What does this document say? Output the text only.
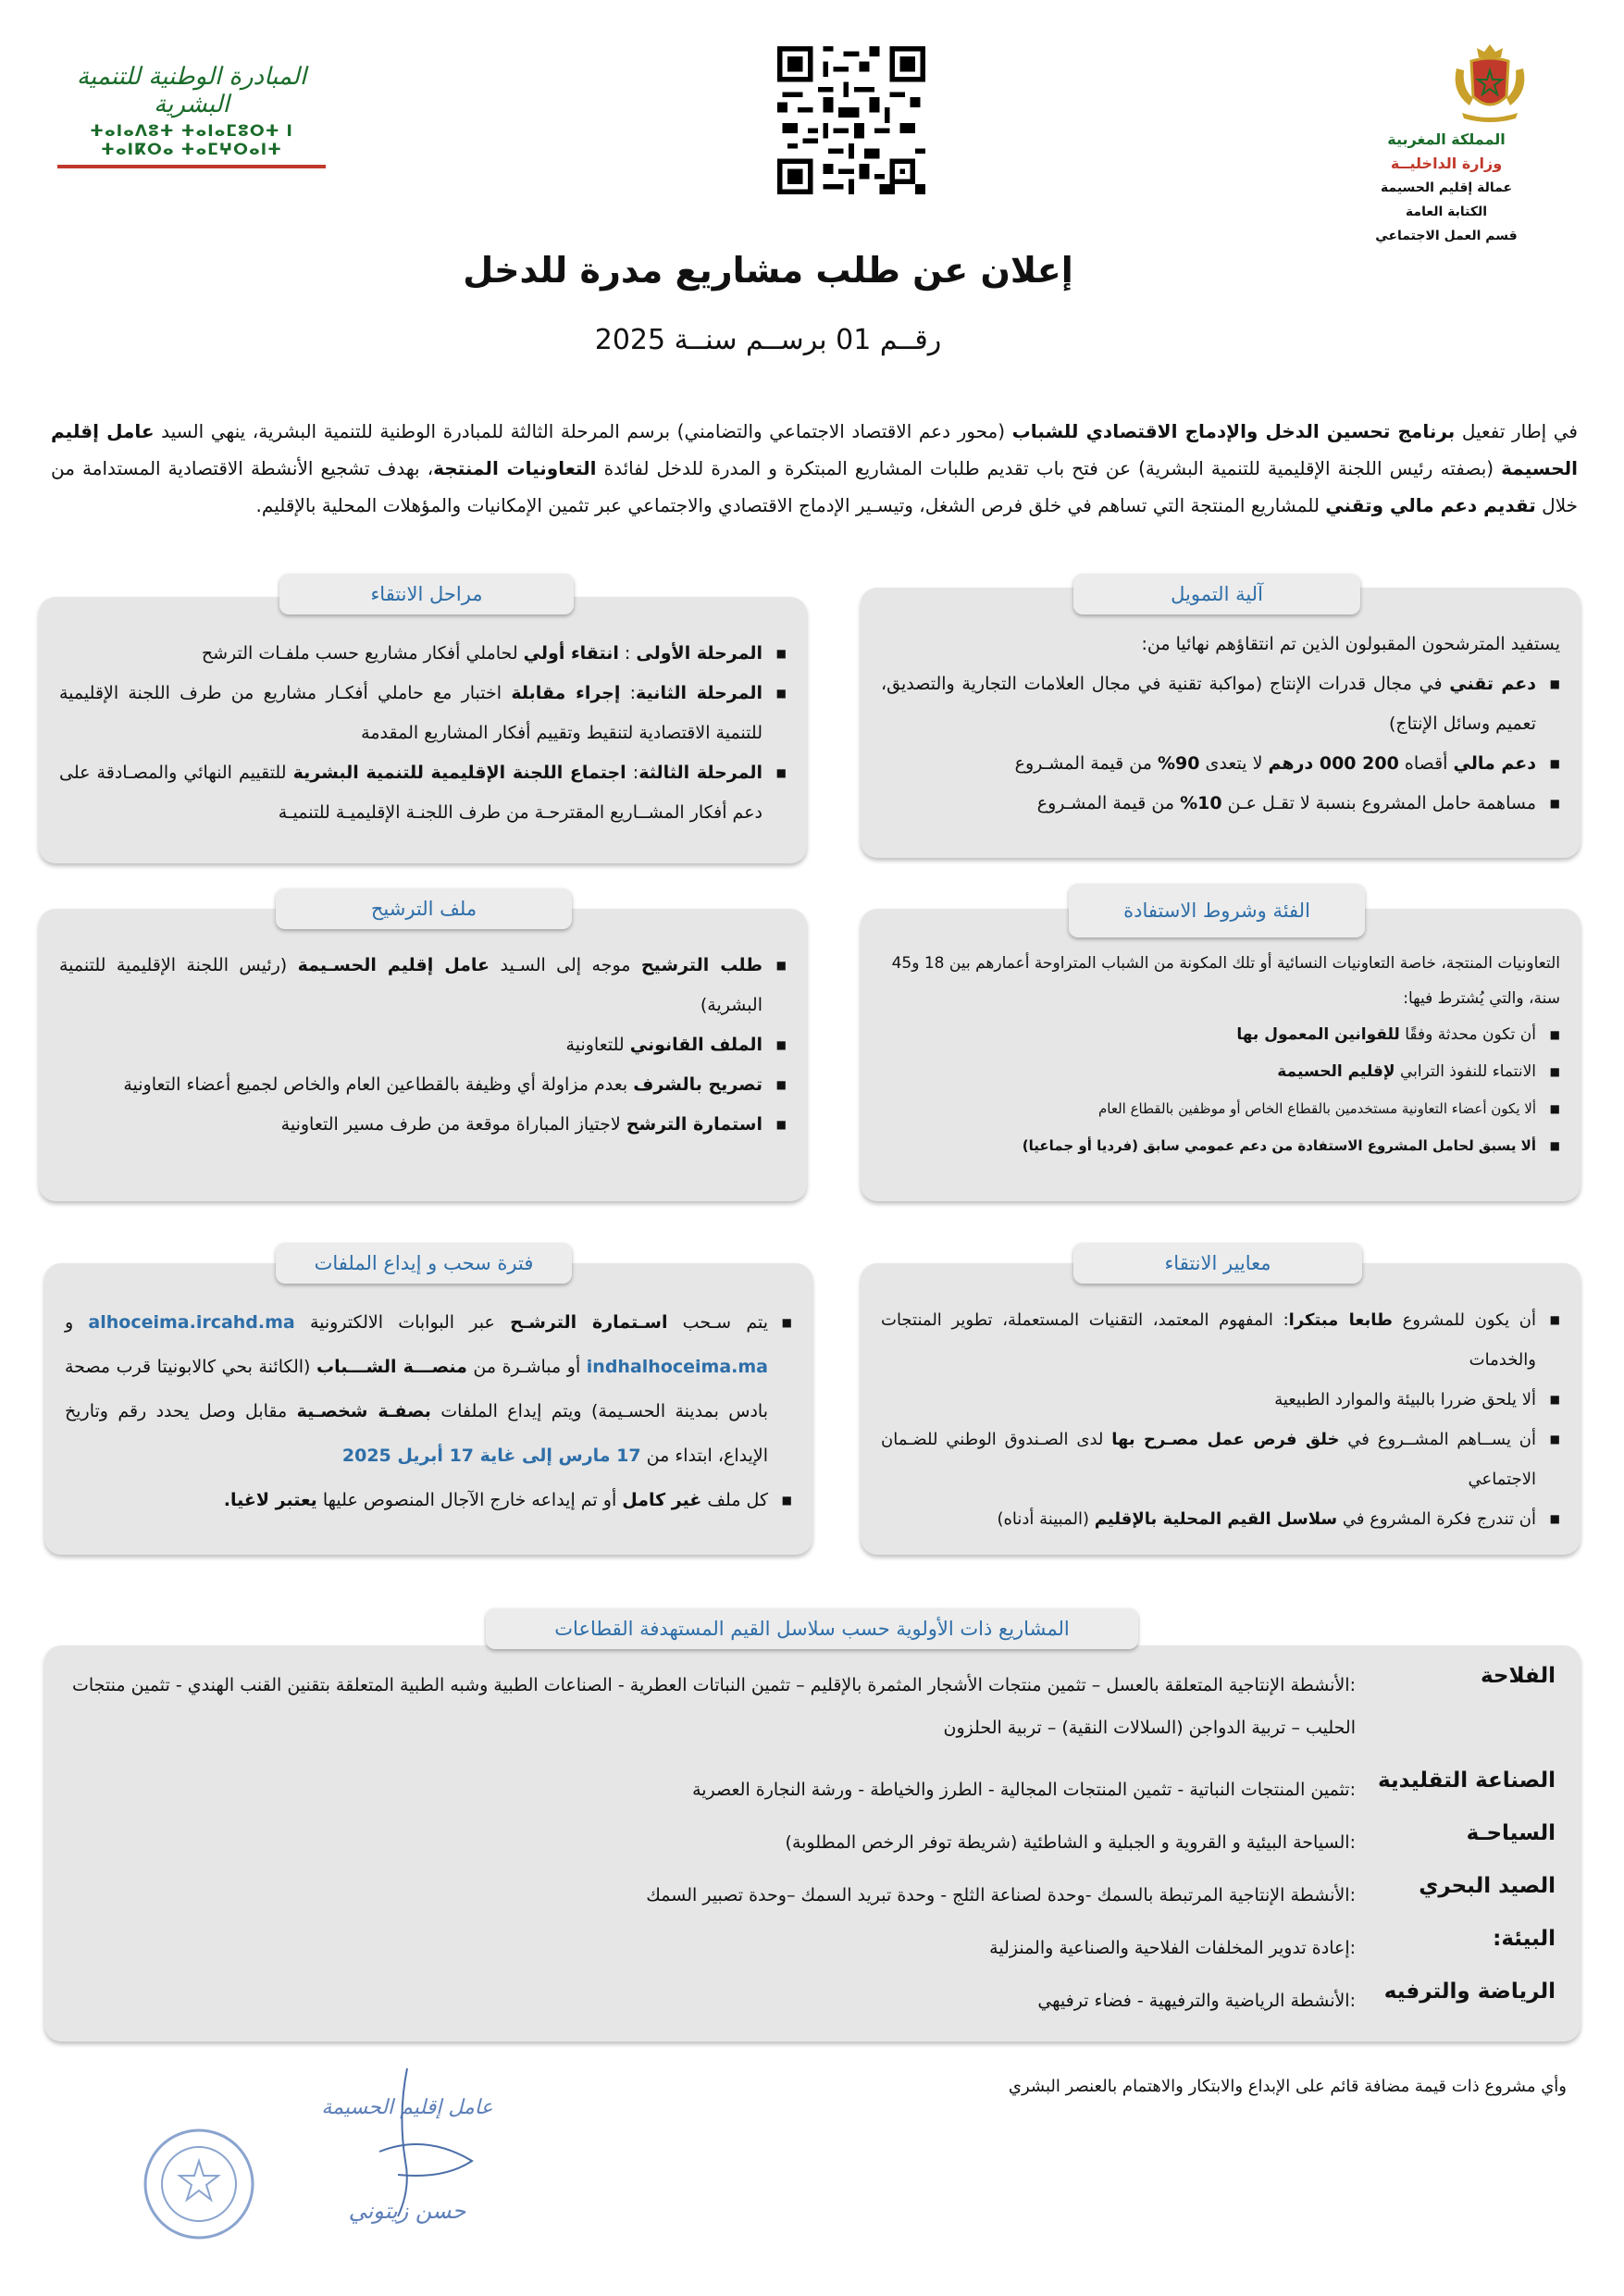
المبادرة الوطنية للتنمية البشرية
ⵜⴰⵏⴰⴷⵓⵜ ⵜⴰⵏⴰⵎⵓⵔⵜ ⵏ ⵜⴰⵏⴽⵔⴰ ⵜⴰⵎⵖⵔⴰⵏⵜ
المملكة المغربية
وزارة الداخليــة
عمالة إقليم الحسيمة
الكتابة العامة
قسم العمل الاجتماعي
إعلان عن طلب مشاريع مدرة للدخل
رقــم 01 برســم سنــة 2025
في إطار تفعيل برنامج تحسين الدخل والإدماج الاقتصادي للشباب (محور دعم الاقتصاد الاجتماعي والتضامني) برسم المرحلة الثالثة للمبادرة الوطنية للتنمية البشرية، ينهي السيد عامل إقليم الحسيمة (بصفته رئيس اللجنة الإقليمية للتنمية البشرية) عن فتح باب تقديم طلبات المشاريع المبتكرة و المدرة للدخل لفائدة التعاونيات المنتجة، بهدف تشجيع الأنشطة الاقتصادية المستدامة من خلال تقديم دعم مالي وتقني للمشاريع المنتجة التي تساهم في خلق فرص الشغل، وتيسـير الإدماج الاقتصادي والاجتماعي عبر تثمين الإمكانيات والمؤهلات المحلية بالإقليم.
يستفيد المترشحون المقبولون الذين تم انتقاؤهم نهائيا من:
■ دعم تقني في مجال قدرات الإنتاج (مواكبة تقنية في مجال العلامات التجارية والتصديق، تعميم وسائل الإنتاج)
■ دعم مالي أقصاه 200 000 درهم لا يتعدى 90% من قيمة المشـروع
■ مساهمة حامل المشروع بنسبة لا تقـل عـن 10% من قيمة المشـروع
آلية التمويل
■ المرحلة الأولى : انتقاء أولي لحاملي أفكار مشاريع حسب ملفـات الترشح
■ المرحلة الثانية: إجراء مقابلة اختبار مع حاملي أفكـار مشاريع من طرف اللجنة الإقليمية للتنمية الاقتصادية لتنقيط وتقييم أفكار المشاريع المقدمة
■ المرحلة الثالثة: اجتماع اللجنة الإقليمية للتنمية البشرية للتقييم النهائي والمصـادقة على دعم أفكار المشــاريع المقترحـة من طرف اللجنـة الإقليميـة للتنميـة
مراحل الانتقاء
التعاونيات المنتجة، خاصة التعاونيات النسائية أو تلك المكونة من الشباب المتراوحة أعمارهم بين 18 و45 سنة، والتي يُشترط فيها:
■ أن تكون محدثة وفقًا للقوانين المعمول بها
■ الانتماء للنفوذ الترابي لإقليم الحسيمة
■ ألا يكون أعضاء التعاونية مستخدمين بالقطاع الخاص أو موظفين بالقطاع العام
■ ألا يسبق لحامل المشروع الاستفادة من دعم عمومي سابق (فرديا أو جماعيا)
الفئة وشروط الاستفادة
■ طلب الترشيح موجه إلى السـيد عامل إقليم الحسـيمة (رئيس اللجنة الإقليمية للتنمية البشرية)
■ الملف القانوني للتعاونية
■ تصريح بالشرف بعدم مزاولة أي وظيفة بالقطاعين العام والخاص لجميع أعضاء التعاونية
■ استمارة الترشح لاجتياز المباراة موقعة من طرف مسير التعاونية
ملف الترشيح
■ أن يكون للمشروع طابعا مبتكرا: المفهوم المعتمد، التقنيات المستعملة، تطوير المنتجات والخدمات
■ ألا يلحق ضررا بالبيئة والموارد الطبيعية
■ أن يســاهم المشــروع في خلق فرص عمل مصـرح بها لدى الصـندوق الوطني للضـمان الاجتماعي
■ أن تندرج فكرة المشروع في سلاسل القيم المحلية بالإقليم (المبينة أدناه)
معايير الانتقاء
■ يتم سـحب اسـتمارة الترشـح عبر البوابات الالكترونية alhoceima.ircahd.ma و indhalhoceima.ma أو مباشـرة من منصـــة الشـــباب (الكائنة بحي كالابونيتا قرب مصحة بادس بمدينة الحسـيمة) ويتم إيداع الملفات بصفـة شخصـية مقابل وصل يحدد رقم وتاريخ الإيداع، ابتداء من 17 مارس إلى غاية 17 أبريل 2025
■ كل ملف غير كامل أو تم إيداعه خارج الآجال المنصوص عليها يعتبر لاغيا.
فترة سحب و إيداع الملفات
المشاريع ذات الأولوية حسب سلاسل القيم المستهدفة القطاعات
الفلاحة
:الأنشطة الإنتاجية المتعلقة بالعسل – تثمين منتجات الأشجار المثمرة بالإقليم – تثمين النباتات العطرية - الصناعات الطبية وشبه الطبية المتعلقة بتقنين القنب الهندي - تثمين منتجات الحليب – تربية الدواجن (السلالات النقية) – تربية الحلزون
الصناعة التقليدية
:تثمين المنتجات النباتية - تثمين المنتجات المجالية - الطرز والخياطة - ورشة النجارة العصرية
السياحـة
:السياحة البيئية و القروية و الجبلية و الشاطئية (شريطة توفر الرخص المطلوبة)
الصيد البحري
:الأنشطة الإنتاجية المرتبطة بالسمك -وحدة لصناعة الثلج - وحدة تبريد السمك –وحدة تصبير السمك
البيئة:
:إعادة تدوير المخلفات الفلاحية والصناعية والمنزلية
الرياضة والترفيه
:الأنشطة الرياضية والترفيهية - فضاء ترفيهي
وأي مشروع ذات قيمة مضافة قائم على الإبداع والابتكار والاهتمام بالعنصر البشري
عامل إقليم الحسيمة
حسن زيتوني
